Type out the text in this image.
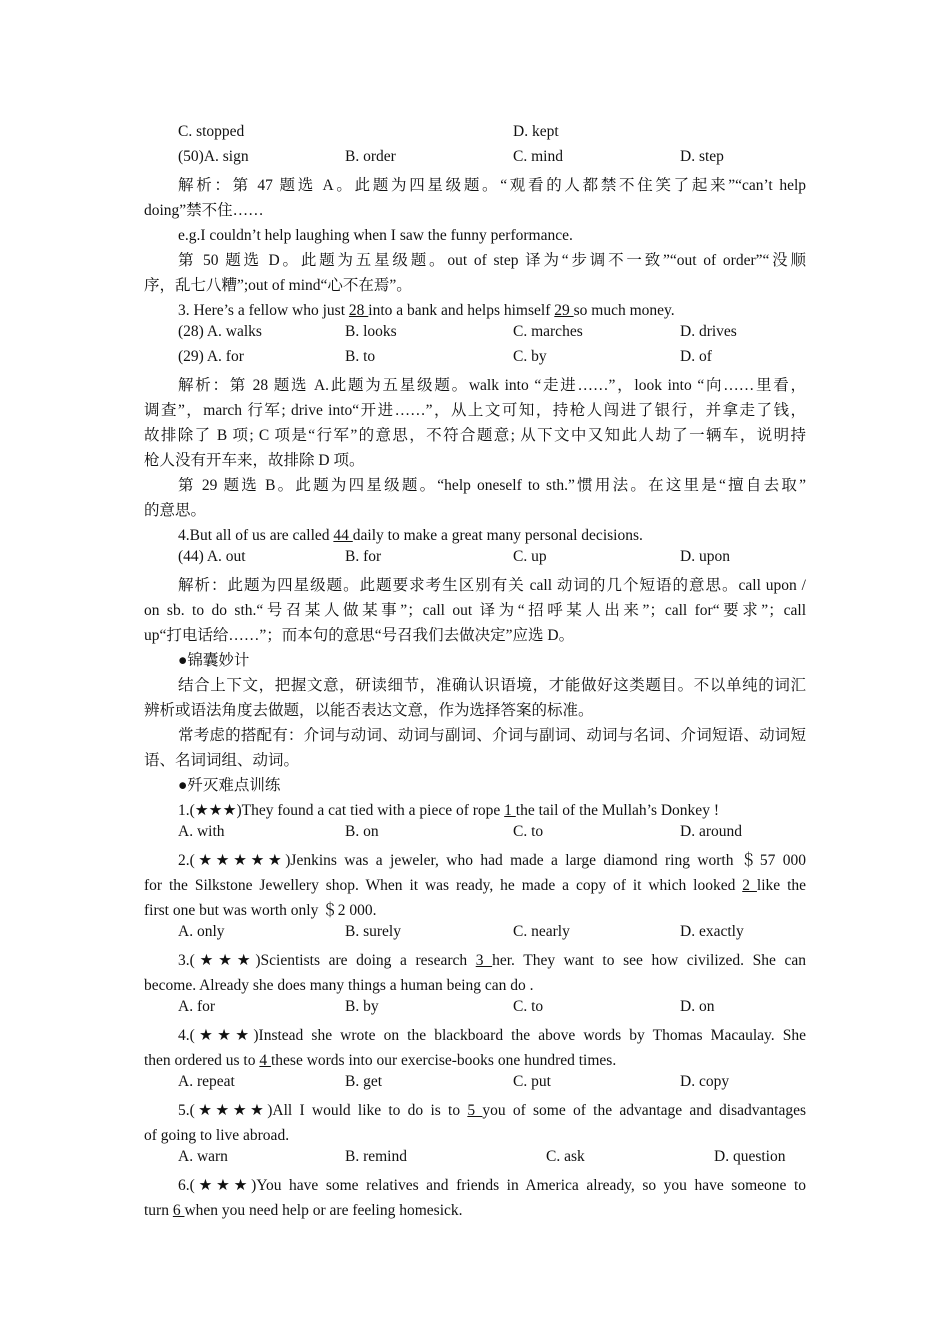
C. stopped	D. kept
(50)A. sign	B. order	C. mind	D. step
解析：第 47 题选 A。此题为四星级题。“观看的人都禁不住笑了起来”“can’t help
doing”禁不住……
e.g.I couldn’t help laughing when I saw the funny performance.
第 50 题选 D。此题为五星级题。out of step 译为“步调不一致”“out of order”“没顺
序，乱七八糟”;out of mind“心不在焉”。
3. Here’s a fellow who just 28 into a bank and helps himself 29 so much money.
(28) A. walks	B. looks	C. marches	D. drives
(29) A. for	B. to	C. by	D. of
解析：第 28 题选 A.此题为五星级题。walk into “走进……”，look into “向……里看，
调查”，march 行军; drive into“开进……”，从上文可知，持枪人闯进了银行，并拿走了钱，
故排除了 B 项; C 项是“行军”的意思，不符合题意; 从下文中又知此人劫了一辆车，说明持
枪人没有开车来，故排除 D 项。
第 29 题选 B。此题为四星级题。“help oneself to sth.”惯用法。在这里是“擅自去取”
的意思。
4.But all of us are called 44 daily to make a great many personal decisions.
(44) A. out	B. for	C. up	D. upon
解析：此题为四星级题。此题要求考生区别有关 call 动词的几个短语的意思。call upon /
on sb. to do sth.“号召某人做某事”；call out 译为“招呼某人出来”；call for“要求”；call
up“打电话给……”；而本句的意思“号召我们去做决定”应选 D。
●锦囊妙计
结合上下文，把握文意，研读细节，准确认识语境，才能做好这类题目。不以单纯的词汇
辨析或语法角度去做题，以能否表达文意，作为选择答案的标准。
常考虑的搭配有：介词与动词、动词与副词、介词与副词、动词与名词、介词短语、动词短
语、名词词组、动词。
●歼灭难点训练
1.(★★★)They found a cat tied with a piece of rope 1 the tail of the Mullah’s Donkey !
A. with	B. on	C. to	D. around
2.(★★★★★)Jenkins was a jeweler, who had made a large diamond ring worth ＄57 000
for the Silkstone Jewellery shop. When it was ready, he made a copy of it which looked 2 like the
first one but was worth only ＄2 000.
A. only	B. surely	C. nearly	D. exactly
3.(★★★)Scientists are doing a research 3 her. They want to see how civilized. She can
become. Already she does many things a human being can do .
A. for	B. by	C. to	D. on
4.(★★★)Instead she wrote on the blackboard the above words by Thomas Macaulay. She
then ordered us to 4 these words into our exercise-books one hundred times.
A. repeat	B. get	C. put	D. copy
5.(★★★★)All I would like to do is to 5 you of some of the advantage and disadvantages
of going to live abroad.
A. warn	B. remind	C. ask	D. question
6.(★★★)You have some relatives and friends in America already, so you have someone to
turn 6 when you need help or are feeling homesick.
